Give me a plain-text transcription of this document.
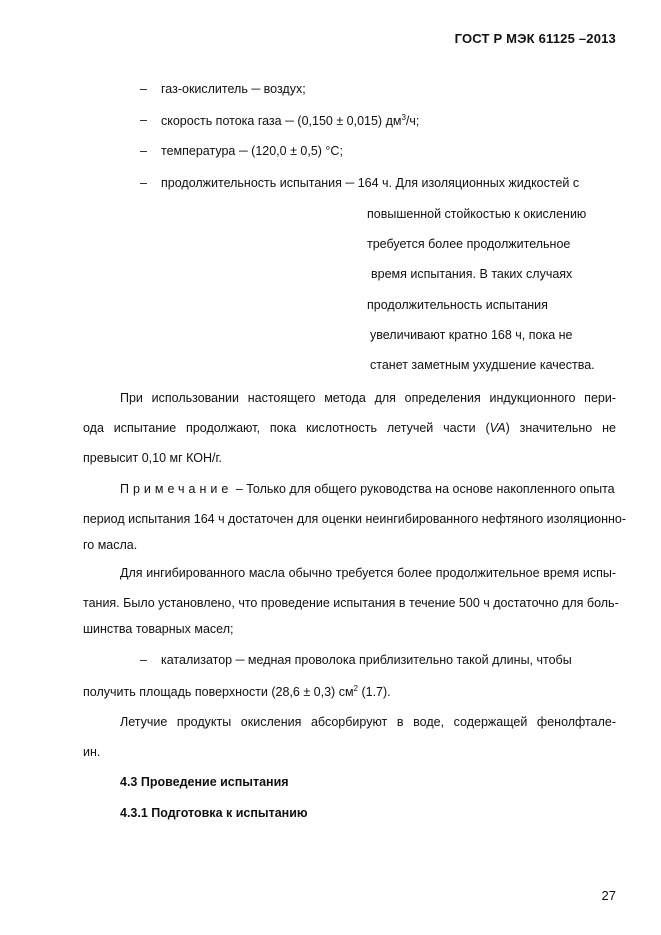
ГОСТ Р МЭК 61125 –2013
– газ-окислитель ─ воздух;
– скорость потока газа ─ (0,150 ± 0,015) $дм^3/ч$;
– температура ─ (120,0 ± 0,5) °С;
– продолжительность испытания ─ 164 ч. Для изоляционных жидкостей с
повышенной стойкостью к окислению
требуется более продолжительное
время испытания. В таких случаях
продолжительность испытания
увеличивают кратно 168 ч, пока не
станет заметным ухудшение качества.
При использовании настоящего метода для определения индукционного пери-
ода испытание продолжают, пока кислотность летучей части (VA) значительно не
превысит 0,10 мг КОН/г.
Примечание – Только для общего руководства на основе накопленного опыта
период испытания 164 ч достаточен для оценки неингибированного нефтяного изоляционно-
го масла.
Для ингибированного масла обычно требуется более продолжительное время испы-
тания. Было установлено, что проведение испытания в течение 500 ч достаточно для боль-
шинства товарных масел;
– катализатор ─ медная проволока приблизительно такой длины, чтобы
получить площадь поверхности (28,6 ± 0,3) $см^2$ (1.7).
Летучие продукты окисления абсорбируют в воде, содержащей фенолфтале-
ин.
4.3 Проведение испытания
4.3.1 Подготовка к испытанию
27
